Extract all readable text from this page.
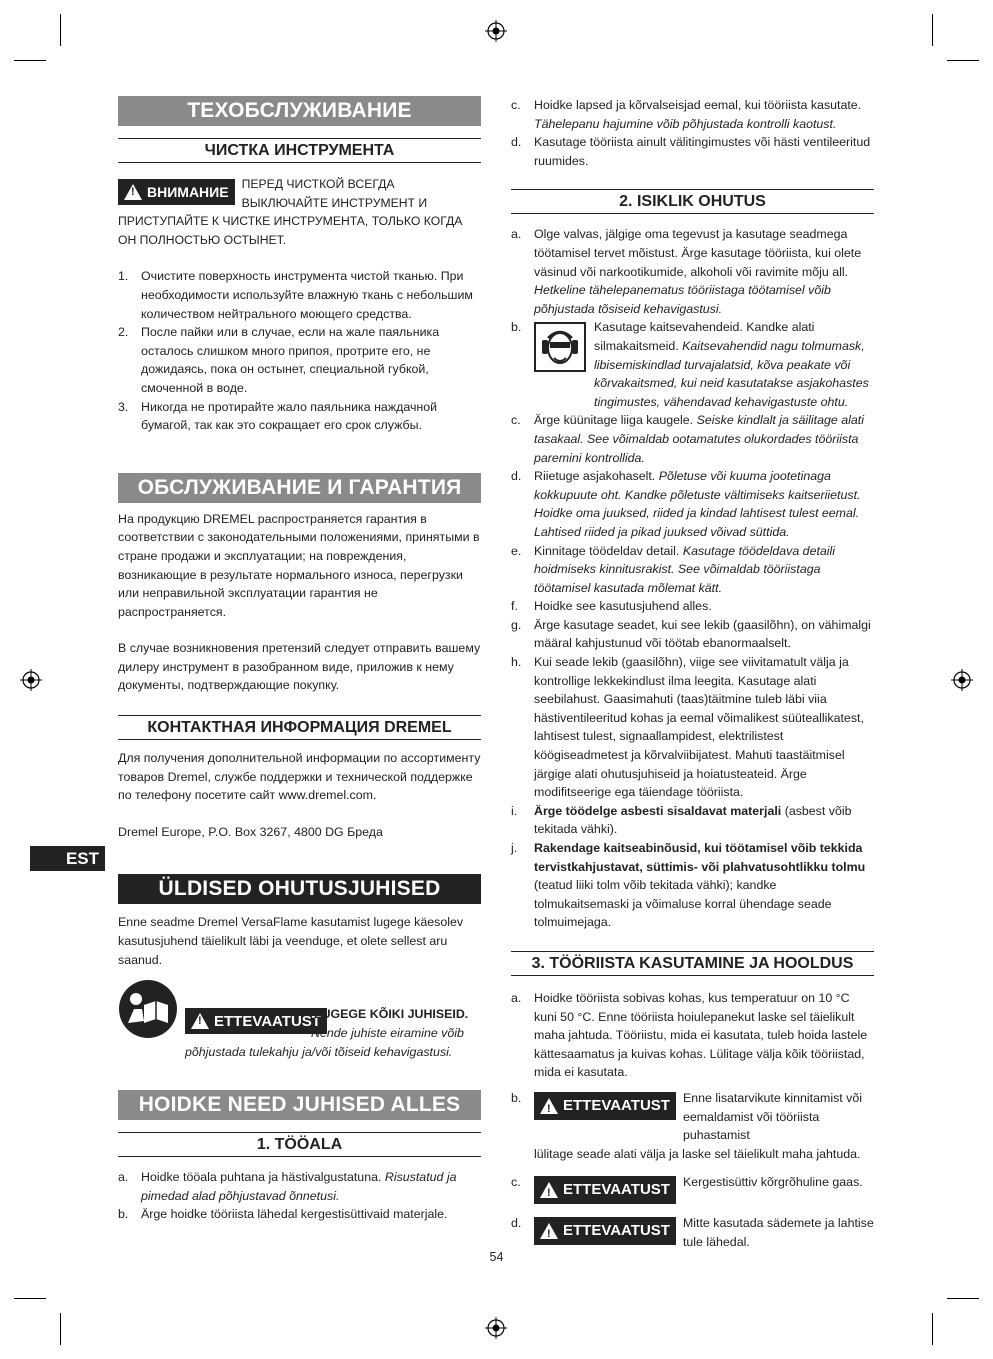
EST
ТЕХОБСЛУЖИВАНИЕ
ЧИСТКА ИНСТРУМЕНТА
!
ВНИМАНИЕ ПЕРЕД ЧИСТКОЙ ВСЕГДА ВЫКЛЮЧАЙТЕ ИНСТРУМЕНТ И

ПРИСТУПАЙТЕ К ЧИСТКЕ ИНСТРУМЕНТА, ТОЛЬКО КОГДА ОН ПОЛНОСТЬЮ ОСТЫНЕТ.

1. Очистите поверхность инструмента чистой тканью. При необходимости используйте влажную ткань с небольшим количеством нейтрального моющего средства.
2. После пайки или в случае, если на жале паяльника осталось слишком много припоя, протрите его, не дожидаясь, пока он остынет, специальной губкой, смоченной в воде.
3. Никогда не протирайте жало паяльника наждачной бумагой, так как это сокращает его срок службы.
ОБСЛУЖИВАНИЕ И ГАРАНТИЯ

На продукцию DREMEL распространяется гарантия в соответствии с законодательными положениями, принятыми в стране продажи и эксплуатации; на повреждения, возникающие в результате нормального износа, перегрузки или неправильной эксплуатации гарантия не распространяется.

В случае возникновения претензий следует отправить вашему дилеру инструмент в разобранном виде, приложив к нему документы, подтверждающие покупку.

КОНТАКТНАЯ ИНФОРМАЦИЯ DREMEL

Для получения дополнительной информации по ассортименту товаров Dremel, службе поддержки и технической поддержке по телефону посетите сайт www.dremel.com.

Dremel Europe, P.O. Box 3267, 4800 DG Бреда

ÜLDISED OHUTUSJUHISED

Enne seadme Dremel VersaFlame kasutamist lugege käesolev kasutusjuhend täielikult läbi ja veenduge, et olete sellest aru saanud.

!
ETTEVAATUST
LUGEGE KÕIKI JUHISEID.
Nende juhiste eiramine võib
põhjustada tulekahju ja/või tõiseid kehavigastusi.
HOIDKE NEED JUHISED ALLES
1. TÖÖALA
a. Hoidke tööala puhtana ja hästivalgustatuna. Risustatud ja pimedad alad põhjustavad õnnetusi.
b. Ärge hoidke tööriista lähedal kergestisüttivaid materjale.
c. Hoidke lapsed ja kõrvalseisjad eemal, kui tööriista kasutate. Tähelepanu hajumine võib põhjustada kontrolli kaotust.
d. Kasutage tööriista ainult välitingimustes või hästi ventileeritud ruumides.
2. ISIKLIK OHUTUS
a. Olge valvas, jälgige oma tegevust ja kasutage seadmega töötamisel tervet mõistust. Ärge kasutage tööriista, kui olete väsinud või narkootikumide, alkoholi või ravimite mõju all. Hetkeline tähelepanematus tööriistaga töötamisel võib põhjustada tõsiseid kehavigastusi.
b.	Kasutage kaitsevahendeid. Kandke alati silmakaitsmeid. Kaitsevahendid nagu tolmumask, libisemiskindlad turvajalatsid, kõva peakate või kõrvakaitsmed, kui neid kasutatakse asjakohastes tingimustes, vähendavad kehavigastuste ohtu.
c. Ärge küünitage liiga kaugele. Seiske kindlalt ja säilitage alati tasakaal. See võimaldab ootamatutes olukordades tööriista paremini kontrollida.
d. Riietuge asjakohaselt. Põletuse või kuuma jootetinaga kokkupuute oht. Kandke põletuste vältimiseks kaitseriietust. Hoidke oma juuksed, riided ja kindad lahtisest tulest eemal. Lahtised riided ja pikad juuksed võivad süttida.
e. Kinnitage töödeldav detail. Kasutage töödeldava detaili hoidmiseks kinnitusrakist. See võimaldab tööriistaga töötamisel kasutada mõlemat kätt.
f. Hoidke see kasutusjuhend alles.
g. Ärge kasutage seadet, kui see lekib (gaasilõhn), on vähimalgi määral kahjustunud või töötab ebanormaalselt.
h. Kui seade lekib (gaasilõhn), viige see viivitamatult välja ja kontrollige lekkekindlust ilma leegita. Kasutage alati seebilahust. Gaasimahuti (taas)täitmine tuleb läbi viia hästiventileeritud kohas ja eemal võimalikest süüteallikatest, lahtisest tulest, signaallampidest, elektrilistest köögiseadmetest ja kõrvalviibijatest. Mahuti taastäitmisel järgige alati ohutusjuhiseid ja hoiatusteateid. Ärge modifitseerige ega täiendage tööriista.
i. Ärge töödelge asbesti sisaldavat materjali (asbest võib tekitada vähki).
j. Rakendage kaitseabinõusid, kui töötamisel võib tekkida tervistkahjustavat, süttimis- või plahvatusohtlikku tolmu (teatud liiki tolm võib tekitada vähki); kandke tolmukaitsemaski ja võimaluse korral ühendage seade tolmuimejaga.
3. TÖÖRIISTA KASUTAMINE JA HOOLDUS
a. Hoidke tööriista sobivas kohas, kus temperatuur on 10 °C kuni 50 °C. Enne tööriista hoiulepanekut laske sel täielikult maha jahtuda. Tööriistu, mida ei kasutata, tuleb hoida lastele kättesaamatus ja kuivas kohas. Lülitage välja kõik tööriistad, mida ei kasutata.
b. !	ETTEVAATUST Enne lisatarvikute kinnitamist või eemaldamist või tööriista puhastamist
lülitage seade alati välja ja laske sel täielikult maha jahtuda.
c. !	ETTEVAATUST Kergestisüttiv kõrgrõhuline gaas.
d. !	ETTEVAATUST Mitte kasutada sädemete ja lahtise tule lähedal.
54
